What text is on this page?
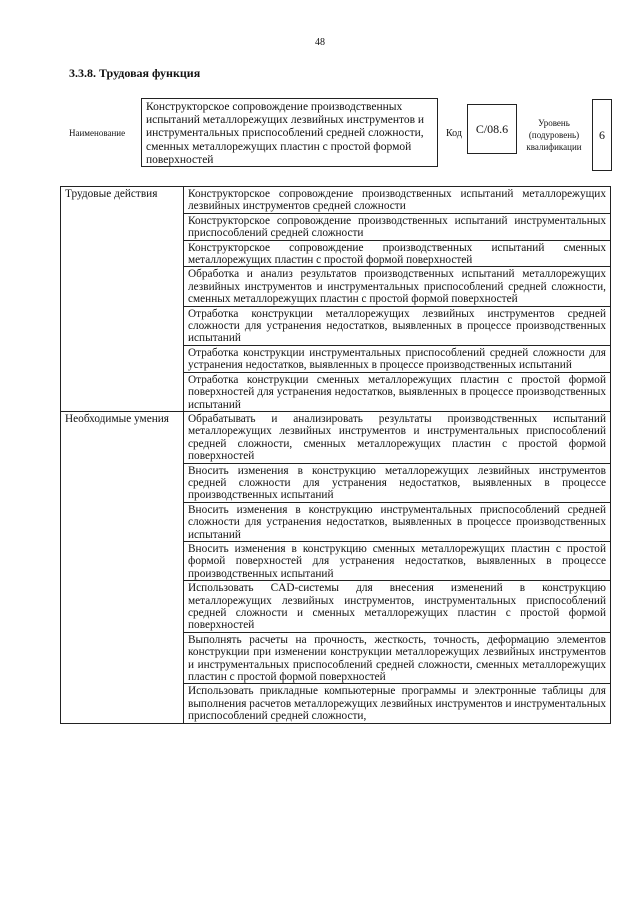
48
3.3.8. Трудовая функция
Наименование
Конструкторское сопровождение производственных испытаний металлорежущих лезвийных инструментов и инструментальных приспособлений средней сложности, сменных металлорежущих пластин с простой формой поверхностей
Код	C/08.6	Уровень (подуровень) квалификации
6
Трудовые действия	Конструкторское сопровождение производственных испытаний металлорежущих лезвийных инструментов средней сложности
	Конструкторское сопровождение производственных испытаний инструментальных приспособлений средней сложности
	Конструкторское сопровождение производственных испытаний сменных металлорежущих пластин с простой формой поверхностей
	Обработка и анализ результатов производственных испытаний металлорежущих лезвийных инструментов и инструментальных приспособлений средней сложности, сменных металлорежущих пластин с простой формой поверхностей
	Отработка конструкции металлорежущих лезвийных инструментов средней сложности для устранения недостатков, выявленных в процессе производственных испытаний
	Отработка конструкции инструментальных приспособлений средней сложности для устранения недостатков, выявленных в процессе производственных испытаний
	Отработка конструкции сменных металлорежущих пластин с простой формой поверхностей для устранения недостатков, выявленных в процессе производственных испытаний
Необходимые умения	Обрабатывать и анализировать результаты производственных испытаний металлорежущих лезвийных инструментов и инструментальных приспособлений средней сложности, сменных металлорежущих пластин с простой формой поверхностей
	Вносить изменения в конструкцию металлорежущих лезвийных инструментов средней сложности для устранения недостатков, выявленных в процессе производственных испытаний
	Вносить изменения в конструкцию инструментальных приспособлений средней сложности для устранения недостатков, выявленных в процессе производственных испытаний
	Вносить изменения в конструкцию сменных металлорежущих пластин с простой формой поверхностей для устранения недостатков, выявленных в процессе производственных испытаний
	Использовать CAD-системы для внесения изменений в конструкцию металлорежущих лезвийных инструментов, инструментальных приспособлений средней сложности и сменных металлорежущих пластин с простой формой поверхностей
	Выполнять расчеты на прочность, жесткость, точность, деформацию элементов конструкции при изменении конструкции металлорежущих лезвийных инструментов и инструментальных приспособлений средней сложности, сменных металлорежущих пластин с простой формой поверхностей
	Использовать прикладные компьютерные программы и электронные таблицы для выполнения расчетов металлорежущих лезвийных инструментов и инструментальных приспособлений средней сложности,
